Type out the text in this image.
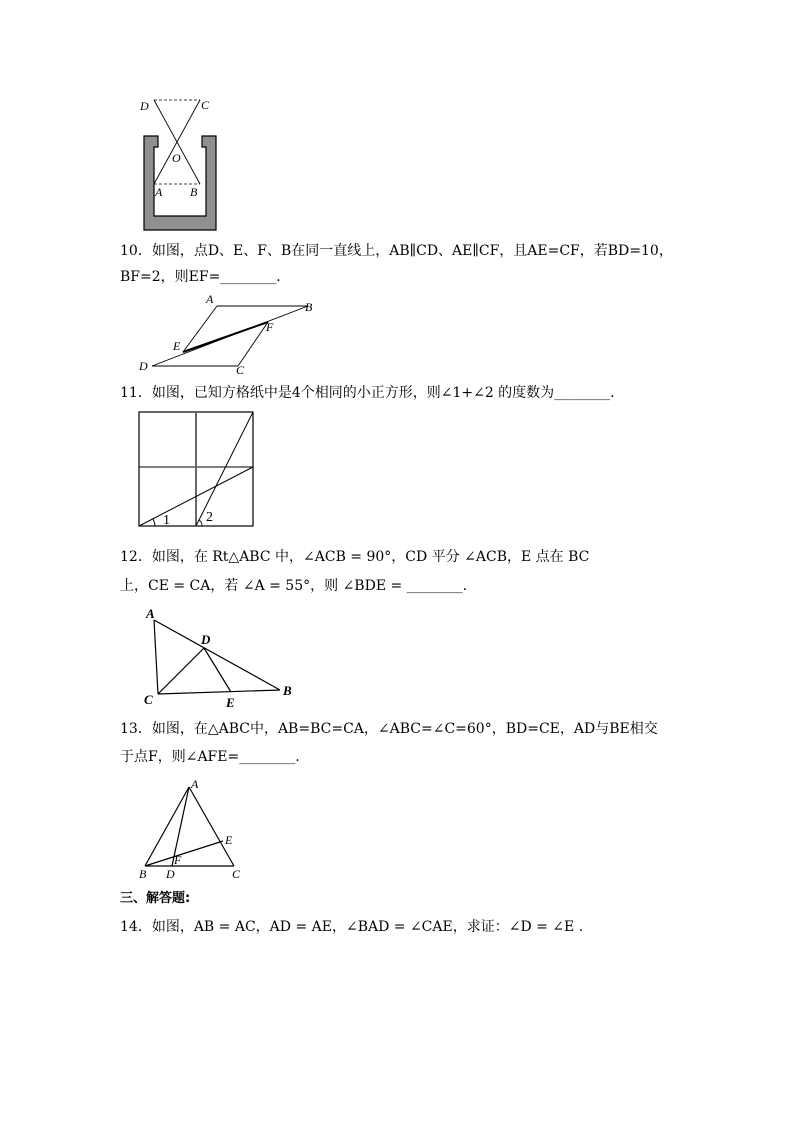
D	C
O
A B
10．如图，点D、E、F、B在同一直线上，AB∥CD、AE∥CF，且AE=CF，若BD=10，
BF=2，则EF=________.
A
B
E
F
D	C
11．如图，已知方格纸中是4个相同的小正方形，则∠1+∠2 的度数为________.
1	2
12．如图，在 Rt△ABC 中，∠ACB = 90°，CD 平分 ∠ACB，E 点在 BC
上，CE = CA，若 ∠A = 55°，则 ∠BDE = ________.
A
D
C	E
B
13．如图，在△ABC中，AB=BC=CA，∠ABC=∠C=60°，BD=CE，AD与BE相交
于点F，则∠AFE=________.
A
E
F
B D	C
三、解答题:
14．如图，AB = AC，AD = AE，∠BAD = ∠CAE，求证：∠D = ∠E .
